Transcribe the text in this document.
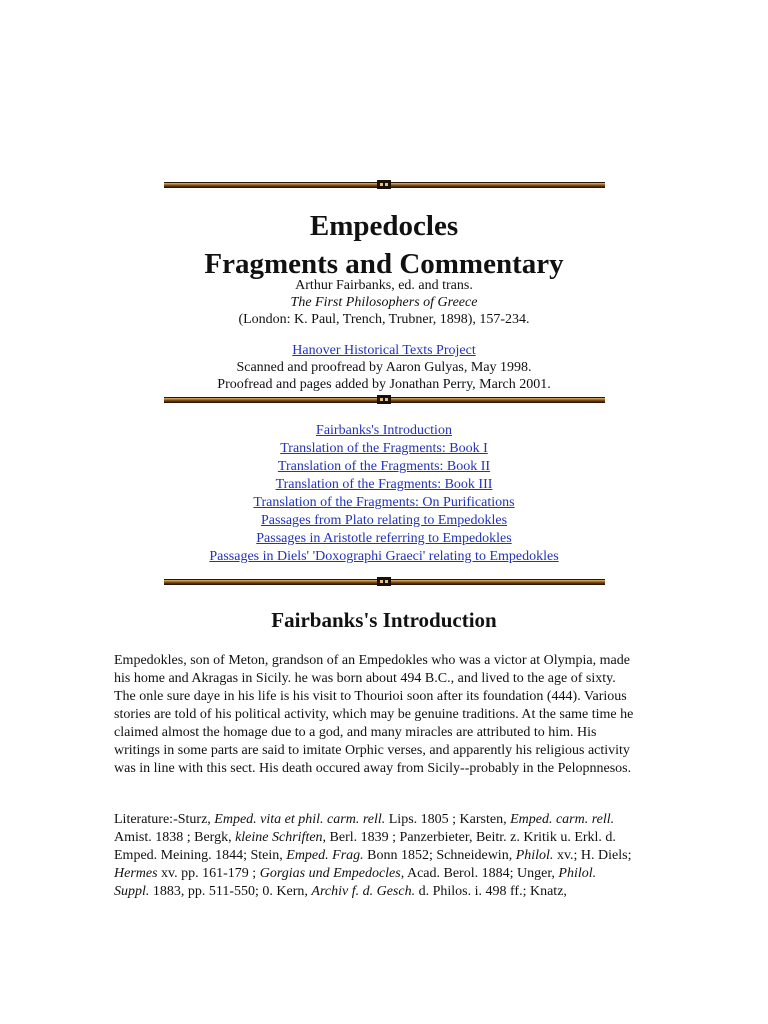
Empedocles
Fragments and Commentary
Arthur Fairbanks, ed. and trans.
The First Philosophers of Greece
(London: K. Paul, Trench, Trubner, 1898), 157-234.
Hanover Historical Texts Project
Scanned and proofread by Aaron Gulyas, May 1998.
Proofread and pages added by Jonathan Perry, March 2001.
Fairbanks's Introduction
Translation of the Fragments: Book I
Translation of the Fragments: Book II
Translation of the Fragments: Book III
Translation of the Fragments: On Purifications
Passages from Plato relating to Empedokles
Passages in Aristotle referring to Empedokles
Passages in Diels' 'Doxographi Graeci' relating to Empedokles
Fairbanks's Introduction

Empedokles, son of Meton, grandson of an Empedokles who was a victor at Olympia, made his home and Akragas in Sicily. he was born about 494 B.C., and lived to the age of sixty. The onle sure daye in his life is his visit to Thourioi soon after its foundation (444). Various stories are told of his political activity, which may be genuine traditions. At the same time he claimed almost the homage due to a god, and many miracles are attributed to him. His writings in some parts are said to imitate Orphic verses, and apparently his religious activity was in line with this sect. His death occured away from Sicily--probably in the Pelopnnesos.

Literature:-Sturz, Emped. vita et phil. carm. rell. Lips. 1805 ; Karsten, Emped. carm. rell. Amist. 1838 ; Bergk, kleine Schriften, Berl. 1839 ; Panzerbieter, Beitr. z. Kritik u. Erkl. d. Emped. Meining. 1844; Stein, Emped. Frag. Bonn 1852; Schneidewin, Philol. xv.; H. Diels; Hermes xv. pp. 161-179 ; Gorgias und Empedocles, Acad. Berol. 1884; Unger, Philol. Suppl. 1883, pp. 511-550; 0. Kern, Archiv f. d. Gesch. d. Philos. i. 498 ff.; Knatz,
